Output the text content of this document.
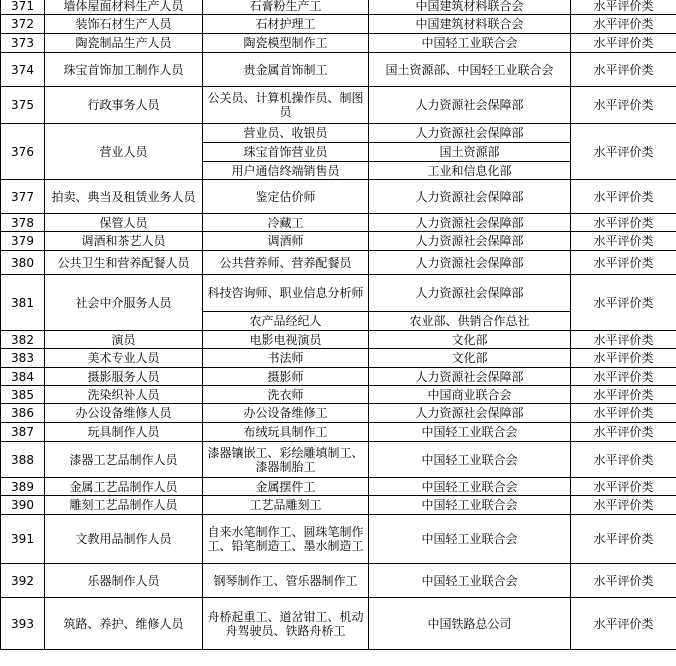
371	墙体屋面材料生产人员	石膏粉生产工	中国建筑材料联合会	水平评价类
372	装饰石材生产人员	石材护理工	中国建筑材料联合会	水平评价类
373	陶瓷制品生产人员	陶瓷模型制作工	中国轻工业联合会	水平评价类
374	珠宝首饰加工制作人员	贵金属首饰制工	国土资源部、中国轻工业联合会	水平评价类
375	行政事务人员	公关员、计算机操作员、制图员	人力资源社会保障部	水平评价类
376	营业人员	营业员、收银员	人力资源社会保障部	水平评价类
		珠宝首饰营业员	国土资源部	
		用户通信终端销售员	工业和信息化部	
377	拍卖、典当及租赁业务人员	鉴定估价师	人力资源社会保障部	水平评价类
378	保管人员	冷藏工	人力资源社会保障部	水平评价类
379	调酒和茶艺人员	调酒师	人力资源社会保障部	水平评价类
380	公共卫生和营养配餐人员	公共营养师、营养配餐员	人力资源社会保障部	水平评价类
381	社会中介服务人员	科技咨询师、职业信息分析师	人力资源社会保障部	水平评价类
		农产品经纪人	农业部、供销合作总社	
382	演员	电影电视演员	文化部	水平评价类
383	美术专业人员	书法师	文化部	水平评价类
384	摄影服务人员	摄影师	人力资源社会保障部	水平评价类
385	洗染织补人员	洗衣师	中国商业联合会	水平评价类
386	办公设备维修人员	办公设备维修工	人力资源社会保障部	水平评价类
387	玩具制作人员	布绒玩具制作工	中国轻工业联合会	水平评价类
388	漆器工艺品制作人员	漆器镶嵌工、彩绘雕填制工、漆器制胎工	中国轻工业联合会	水平评价类
389	金属工艺品制作人员	金属摆件工	中国轻工业联合会	水平评价类
390	雕刻工艺品制作人员	工艺品雕刻工	中国轻工业联合会	水平评价类
391	文教用品制作人员	自来水笔制作工、圆珠笔制作工、铅笔制造工、墨水制造工	中国轻工业联合会	水平评价类
392	乐器制作人员	钢琴制作工、管乐器制作工	中国轻工业联合会	水平评价类
393	筑路、养护、维修人员	舟桥起重工、道岔钳工、机动舟驾驶员、铁路舟桥工	中国铁路总公司	水平评价类
